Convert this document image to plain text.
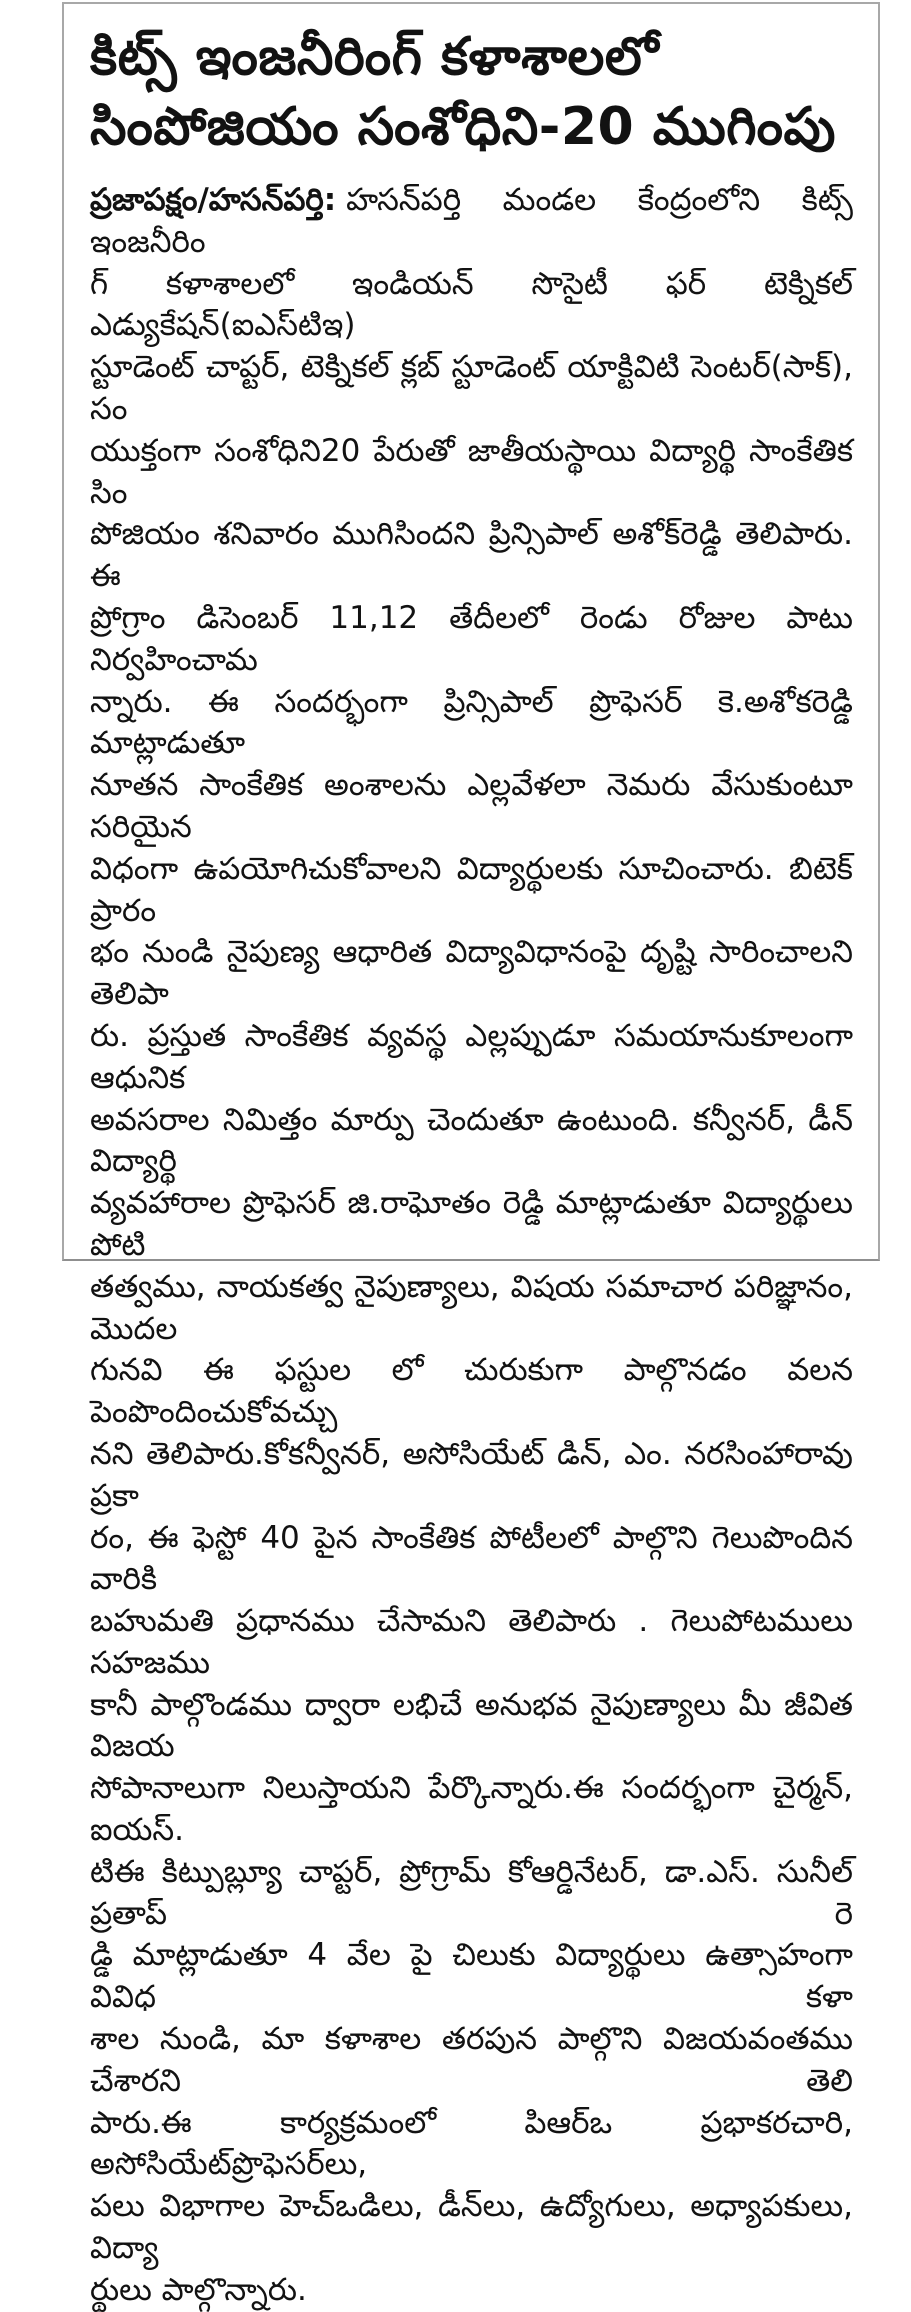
కిట్స్ ఇంజనీరింగ్ కళాశాలలో
సింపోజియం సంశోధిని-20 ముగింపు
ప్రజాపక్షం/హసన్‌పర్తి: హసన్‌పర్తి మండల కేంద్రంలోని కిట్స్ ఇంజనీరిం
గ్ కళాశాలలో ఇండియన్ సొసైటీ ఫర్ టెక్నికల్ ఎడ్యుకేషన్(ఐఎస్‌టిఇ)
స్టూడెంట్ చాప్టర్, టెక్నికల్ క్లబ్ స్టూడెంట్ యాక్టివిటి సెంటర్(సాక్), సం
యుక్తంగా సంశోధిని20 పేరుతో జాతీయస్థాయి విద్యార్థి సాంకేతిక సిం
పోజియం శనివారం ముగిసిందని ప్రిన్సిపాల్ అశోక్‌రెడ్డి తెలిపారు. ఈ
ప్రోగ్రాం డిసెంబర్ 11,12 తేదీలలో రెండు రోజుల పాటు నిర్వహించామ
న్నారు. ఈ సందర్భంగా ప్రిన్సిపాల్ ప్రొఫెసర్ కె.అశోకరెడ్డి మాట్లాడుతూ
నూతన సాంకేతిక అంశాలను ఎల్లవేళలా నెమరు వేసుకుంటూ సరియైన
విధంగా ఉపయోగిచుకోవాలని విద్యార్థులకు సూచించారు. బిటెక్ ప్రారం
భం నుండి నైపుణ్య ఆధారిత విద్యావిధానంపై దృష్టి సారించాలని తెలిపా
రు. ప్రస్తుత సాంకేతిక వ్యవస్థ ఎల్లప్పుడూ సమయానుకూలంగా ఆధునిక
అవసరాల నిమిత్తం మార్పు చెందుతూ ఉంటుంది. కన్వీనర్, డీన్ విద్యార్థి
వ్యవహారాల ప్రొఫెసర్ జి.రాఘోతం రెడ్డి మాట్లాడుతూ విద్యార్థులు పోటి
తత్వము, నాయకత్వ నైపుణ్యాలు, విషయ సమాచార పరిజ్ఞానం, మొదల
గునవి ఈ ఫస్టుల లో చురుకుగా పాల్గొనడం వలన పెంపొందించుకోవచ్చు
నని తెలిపారు.కోకన్వీనర్, అసోసియేట్ డిన్, ఎం. నరసింహారావు ప్రకా
రం, ఈ ఫెస్టో 40 పైన సాంకేతిక పోటీలలో పాల్గొని గెలుపొందిన వారికి
బహుమతి ప్రధానము చేసామని తెలిపారు . గెలుపోటములు సహజము
కానీ పాల్గొండము ద్వారా లభిచే అనుభవ నైపుణ్యాలు మీ జీవిత విజయ
సోపానాలుగా నిలుస్తాయని పేర్కొన్నారు.ఈ సందర్భంగా చైర్మన్, ఐయస్.
టిఈ కిట్పుబ్ల్యూ చాప్టర్, ప్రోగ్రామ్ కోఆర్డినేటర్, డా.ఎస్. సునీల్ ప్రతాప్ రె
డ్డి మాట్లాడుతూ 4 వేల పై చిలుకు విద్యార్థులు ఉత్సాహంగా వివిధ కళా
శాల నుండి, మా కళాశాల తరపున పాల్గొని విజయవంతము చేశారని తెలి
పారు.ఈ కార్యక్రమంలో పిఆర్ఒ ప్రభాకరచారి, అసోసియేట్‌ప్రొఫెసర్‌లు,
పలు విభాగాల హెచ్ఒడిలు, డీన్‌లు, ఉద్యోగులు, అధ్యాపకులు, విద్యా
ర్థులు పాల్గొన్నారు.
